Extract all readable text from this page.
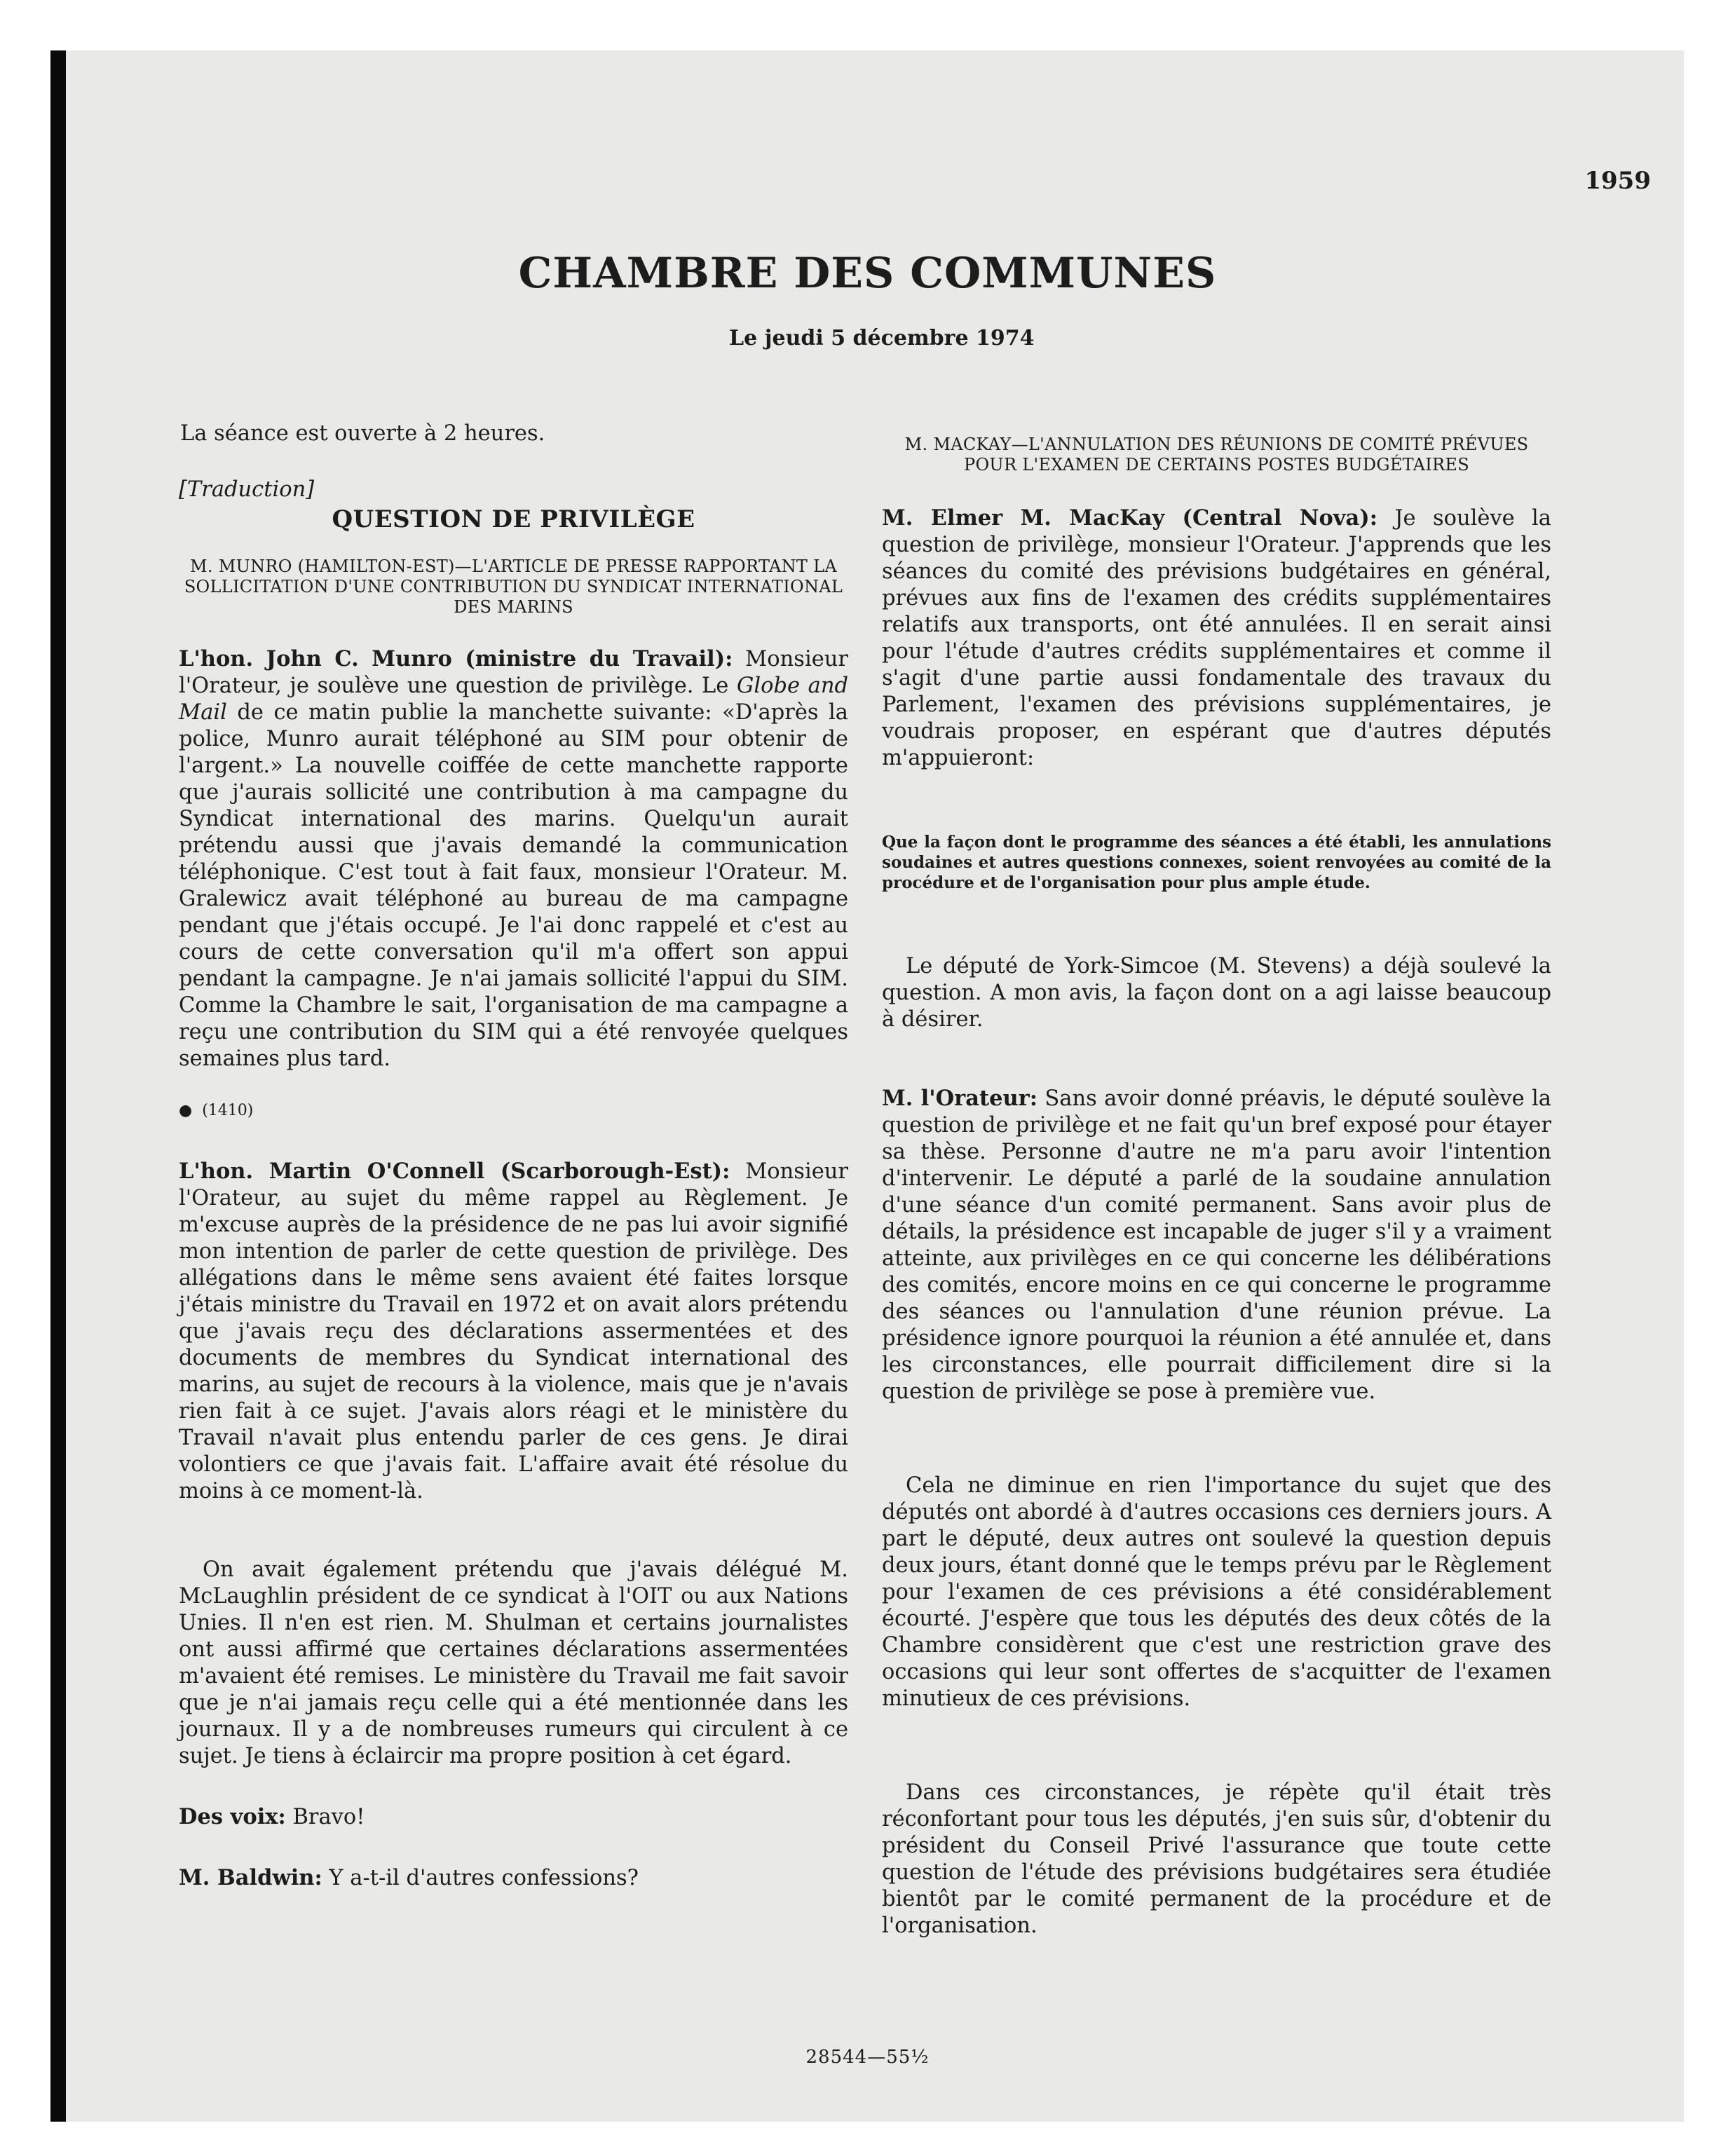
1959
CHAMBRE DES COMMUNES
Le jeudi 5 décembre 1974

La séance est ouverte à 2 heures.

[Traduction]

QUESTION DE PRIVILÈGE

M. MUNRO (HAMILTON-EST)—L'ARTICLE DE PRESSE RAPPORTANT LA SOLLICITATION D'UNE CONTRIBUTION DU SYNDICAT INTERNATIONAL DES MARINS

L'hon. John C. Munro (ministre du Travail): Monsieur l'Orateur, je soulève une question de privilège. Le Globe and Mail de ce matin publie la manchette suivante: «D'après la police, Munro aurait téléphoné au SIM pour obtenir de l'argent.» La nouvelle coiffée de cette manchette rapporte que j'aurais sollicité une contribution à ma campagne du Syndicat international des marins. Quelqu'un aurait prétendu aussi que j'avais demandé la communication téléphonique. C'est tout à fait faux, monsieur l'Orateur. M. Gralewicz avait téléphoné au bureau de ma campagne pendant que j'étais occupé. Je l'ai donc rappelé et c'est au cours de cette conversation qu'il m'a offert son appui pendant la campagne. Je n'ai jamais sollicité l'appui du SIM. Comme la Chambre le sait, l'organisation de ma campagne a reçu une contribution du SIM qui a été renvoyée quelques semaines plus tard.

● (1410)

L'hon. Martin O'Connell (Scarborough-Est): Monsieur l'Orateur, au sujet du même rappel au Règlement. Je m'excuse auprès de la présidence de ne pas lui avoir signifié mon intention de parler de cette question de privilège. Des allégations dans le même sens avaient été faites lorsque j'étais ministre du Travail en 1972 et on avait alors prétendu que j'avais reçu des déclarations assermentées et des documents de membres du Syndicat international des marins, au sujet de recours à la violence, mais que je n'avais rien fait à ce sujet. J'avais alors réagi et le ministère du Travail n'avait plus entendu parler de ces gens. Je dirai volontiers ce que j'avais fait. L'affaire avait été résolue du moins à ce moment-là.

On avait également prétendu que j'avais délégué M. McLaughlin président de ce syndicat à l'OIT ou aux Nations Unies. Il n'en est rien. M. Shulman et certains journalistes ont aussi affirmé que certaines déclarations assermentées m'avaient été remises. Le ministère du Travail me fait savoir que je n'ai jamais reçu celle qui a été mentionnée dans les journaux. Il y a de nombreuses rumeurs qui circulent à ce sujet. Je tiens à éclaircir ma propre position à cet égard.

Des voix: Bravo!

M. Baldwin: Y a-t-il d'autres confessions?

M. MACKAY—L'ANNULATION DES RÉUNIONS DE COMITÉ PRÉVUES POUR L'EXAMEN DE CERTAINS POSTES BUDGÉTAIRES

M. Elmer M. MacKay (Central Nova): Je soulève la question de privilège, monsieur l'Orateur. J'apprends que les séances du comité des prévisions budgétaires en général, prévues aux fins de l'examen des crédits supplémentaires relatifs aux transports, ont été annulées. Il en serait ainsi pour l'étude d'autres crédits supplémentaires et comme il s'agit d'une partie aussi fondamentale des travaux du Parlement, l'examen des prévisions supplémentaires, je voudrais proposer, en espérant que d'autres députés m'appuieront:

Que la façon dont le programme des séances a été établi, les annulations soudaines et autres questions connexes, soient renvoyées au comité de la procédure et de l'organisation pour plus ample étude.

Le député de York-Simcoe (M. Stevens) a déjà soulevé la question. A mon avis, la façon dont on a agi laisse beaucoup à désirer.

M. l'Orateur: Sans avoir donné préavis, le député soulève la question de privilège et ne fait qu'un bref exposé pour étayer sa thèse. Personne d'autre ne m'a paru avoir l'intention d'intervenir. Le député a parlé de la soudaine annulation d'une séance d'un comité permanent. Sans avoir plus de détails, la présidence est incapable de juger s'il y a vraiment atteinte, aux privilèges en ce qui concerne les délibérations des comités, encore moins en ce qui concerne le programme des séances ou l'annulation d'une réunion prévue. La présidence ignore pourquoi la réunion a été annulée et, dans les circonstances, elle pourrait difficilement dire si la question de privilège se pose à première vue.

Cela ne diminue en rien l'importance du sujet que des députés ont abordé à d'autres occasions ces derniers jours. A part le député, deux autres ont soulevé la question depuis deux jours, étant donné que le temps prévu par le Règlement pour l'examen de ces prévisions a été considérablement écourté. J'espère que tous les députés des deux côtés de la Chambre considèrent que c'est une restriction grave des occasions qui leur sont offertes de s'acquitter de l'examen minutieux de ces prévisions.

Dans ces circonstances, je répète qu'il était très réconfortant pour tous les députés, j'en suis sûr, d'obtenir du président du Conseil Privé l'assurance que toute cette question de l'étude des prévisions budgétaires sera étudiée bientôt par le comité permanent de la procédure et de l'organisation.

28544—55½
